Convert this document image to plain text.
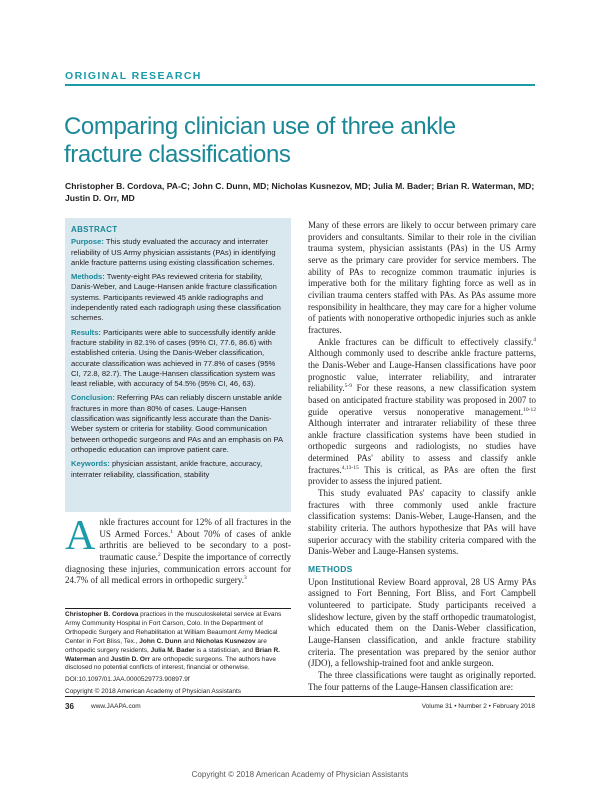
ORIGINAL RESEARCH
Comparing clinician use of three ankle fracture classifications
Christopher B. Cordova, PA-C; John C. Dunn, MD; Nicholas Kusnezov, MD; Julia M. Bader; Brian R. Waterman, MD; Justin D. Orr, MD
ABSTRACT

Purpose: This study evaluated the accuracy and interrater reliability of US Army physician assistants (PAs) in identifying ankle fracture patterns using existing classification schemes.

Methods: Twenty-eight PAs reviewed criteria for stability, Danis-Weber, and Lauge-Hansen ankle fracture classification systems. Participants reviewed 45 ankle radiographs and independently rated each radiograph using these classification schemes.

Results: Participants were able to successfully identify ankle fracture stability in 82.1% of cases (95% CI, 77.6, 86.6) with established criteria. Using the Danis-Weber classification, accurate classification was achieved in 77.8% of cases (95% CI, 72.8, 82.7). The Lauge-Hansen classification system was least reliable, with accuracy of 54.5% (95% CI, 46, 63).

Conclusion: Referring PAs can reliably discern unstable ankle fractures in more than 80% of cases. Lauge-Hansen classification was significantly less accurate than the Danis-Weber system or criteria for stability. Good communication between orthopedic surgeons and PAs and an emphasis on PA orthopedic education can improve patient care.

Keywords: physician assistant, ankle fracture, accuracy, interrater reliability, classification, stability

Ankle fractures account for 12% of all fractures in the US Armed Forces.$^1$ About 70% of cases of ankle arthritis are believed to be secondary to a post-traumatic cause.$^2$ Despite the importance of correctly diagnosing these injuries, communication errors account for 24.7% of all medical errors in orthopedic surgery.$^3$

Christopher B. Cordova practices in the musculoskeletal service at Evans Army Community Hospital in Fort Carson, Colo. In the Department of Orthopedic Surgery and Rehabilitation at William Beaumont Army Medical Center in Fort Bliss, Tex., John C. Dunn and Nicholas Kusnezov are orthopedic surgery residents, Julia M. Bader is a statistician, and Brian R. Waterman and Justin D. Orr are orthopedic surgeons. The authors have disclosed no potential conflicts of interest, financial or otherwise.

DOI:10.1097/01.JAA.0000529773.90897.9f

Copyright © 2018 American Academy of Physician Assistants

Many of these errors are likely to occur between primary care providers and consultants. Similar to their role in the civilian trauma system, physician assistants (PAs) in the US Army serve as the primary care provider for service members. The ability of PAs to recognize common traumatic injuries is imperative both for the military fighting force as well as in civilian trauma centers staffed with PAs. As PAs assume more responsibility in healthcare, they may care for a higher volume of patients with nonoperative orthopedic injuries such as ankle fractures.

Ankle fractures can be difficult to effectively classify.$^4$ Although commonly used to describe ankle fracture patterns, the Danis-Weber and Lauge-Hansen classifications have poor prognostic value, interrater reliability, and intrarater reliability.$^{5-9}$ For these reasons, a new classification system based on anticipated fracture stability was proposed in 2007 to guide operative versus nonoperative management.$^{10-12}$ Although interrater and intrarater reliability of these three ankle fracture classification systems have been studied in orthopedic surgeons and radiologists, no studies have determined PAs' ability to assess and classify ankle fractures.$^{4,13-15}$ This is critical, as PAs are often the first provider to assess the injured patient.

This study evaluated PAs' capacity to classify ankle fractures with three commonly used ankle fracture classification systems: Danis-Weber, Lauge-Hansen, and the stability criteria. The authors hypothesize that PAs will have superior accuracy with the stability criteria compared with the Danis-Weber and Lauge-Hansen systems.

METHODS

Upon Institutional Review Board approval, 28 US Army PAs assigned to Fort Benning, Fort Bliss, and Fort Campbell volunteered to participate. Study participants received a slideshow lecture, given by the staff orthopedic traumatologist, which educated them on the Danis-Weber classification, Lauge-Hansen classification, and ankle fracture stability criteria. The presentation was prepared by the senior author (JDO), a fellowship-trained foot and ankle surgeon.

The three classifications were taught as originally reported. The four patterns of the Lauge-Hansen classification are:

36	www.JAAPA.com	Volume 31 • Number 2 • February 2018
Copyright © 2018 American Academy of Physician Assistants
